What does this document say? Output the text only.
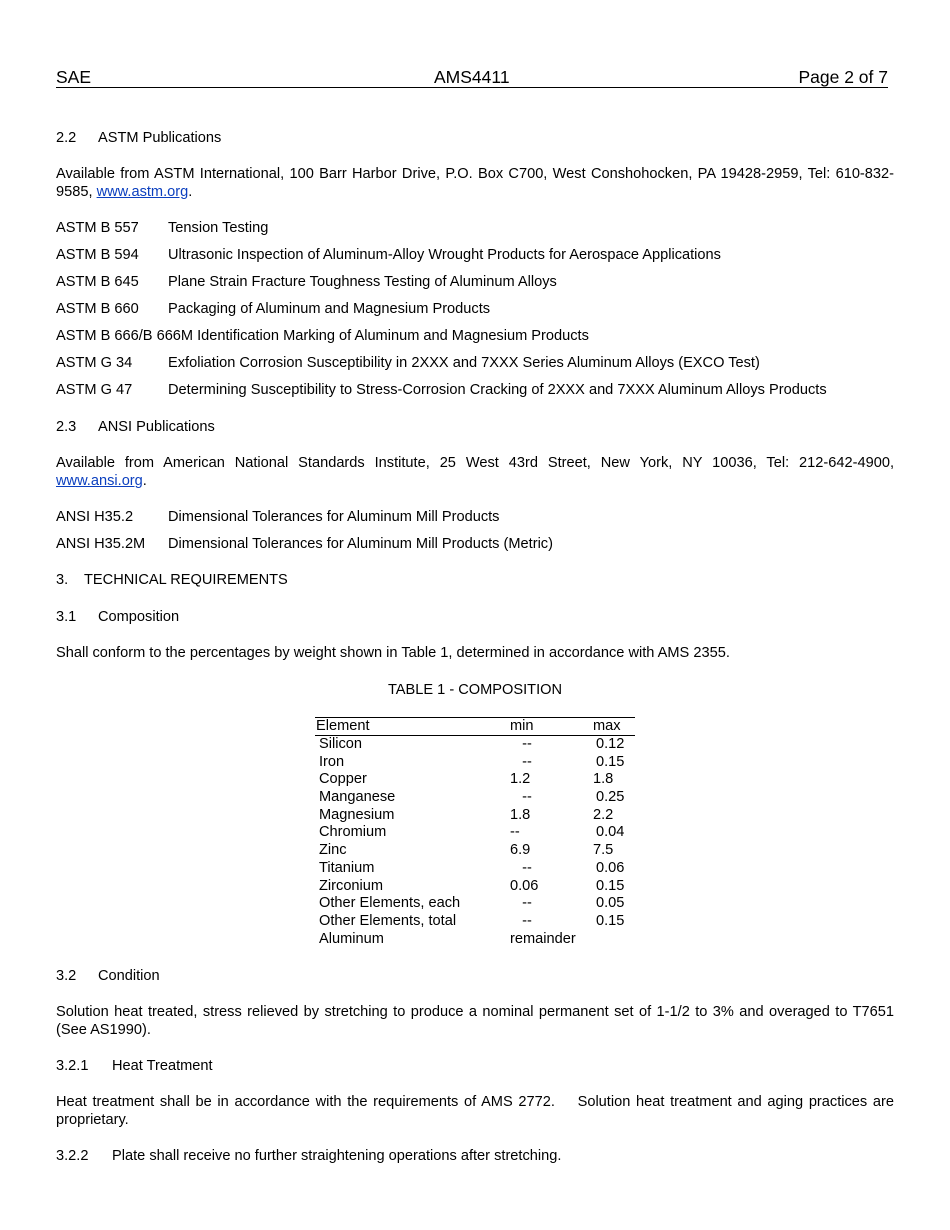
SAE	AMS4411	Page 2 of 7
2.2 ASTM Publications
Available from ASTM International, 100 Barr Harbor Drive, P.O. Box C700, West Conshohocken, PA 19428-2959, Tel: 610-832-9585, www.astm.org.
ASTM B 557 Tension Testing
ASTM B 594 Ultrasonic Inspection of Aluminum-Alloy Wrought Products for Aerospace Applications
ASTM B 645 Plane Strain Fracture Toughness Testing of Aluminum Alloys
ASTM B 660 Packaging of Aluminum and Magnesium Products
ASTM B 666/B 666M Identification Marking of Aluminum and Magnesium Products
ASTM G 34 Exfoliation Corrosion Susceptibility in 2XXX and 7XXX Series Aluminum Alloys (EXCO Test)
ASTM G 47 Determining Susceptibility to Stress-Corrosion Cracking of 2XXX and 7XXX Aluminum Alloys Products
2.3 ANSI Publications
Available from American National Standards Institute, 25 West 43rd Street, New York, NY 10036, Tel: 212-642-4900, www.ansi.org.
ANSI H35.2 Dimensional Tolerances for Aluminum Mill Products
ANSI H35.2M Dimensional Tolerances for Aluminum Mill Products (Metric)
3. TECHNICAL REQUIREMENTS
3.1 Composition
Shall conform to the percentages by weight shown in Table 1, determined in accordance with AMS 2355.
TABLE 1 - COMPOSITION
Element	min	max
Silicon	--	0.12
Iron	--	0.15
Copper	1.2	1.8
Manganese	--	0.25
Magnesium	1.8	2.2
Chromium	--	0.04
Zinc	6.9	7.5
Titanium	--	0.06
Zirconium	0.06	0.15
Other Elements, each	--	0.05
Other Elements, total	--	0.15
Aluminum	remainder
3.2 Condition
Solution heat treated, stress relieved by stretching to produce a nominal permanent set of 1-1/2 to 3% and overaged to T7651 (See AS1990).
3.2.1 Heat Treatment
Heat treatment shall be in accordance with the requirements of AMS 2772.    Solution heat treatment and aging practices are proprietary.
3.2.2 Plate shall receive no further straightening operations after stretching.
